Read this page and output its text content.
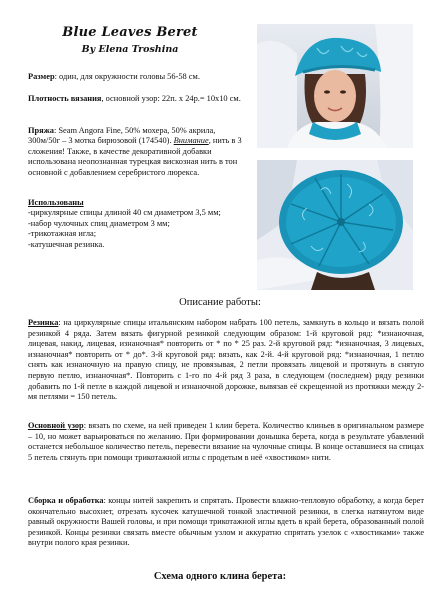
Blue Leaves Beret
By Elena Troshina
Размер: один, для окружности головы 56-58 см.
Плотность вязания, основной узор: 22п. х 24р.= 10х10 см.
Пряжа: Seam Angora Fine, 50% мохера, 50% акрила, 300м/50г – 3 мотка бирюзовой (174540). Внимание, нить в 3 сложения! Также, в качестве декоративной добавки использована неопознанная турецкая вискозная нить в тон основной с добавлением серебристого люрекса.
Использованы
-циркулярные спицы длиной 40 см диаметром 3,5 мм;
-набор чулочных спиц диаметром 3 мм;
-трикотажная игла;
-катушечная резинка.
Описание работы:
Резинка: на циркулярные спицы итальянским набором набрать 100 петель, замкнуть в кольцо и вязать полой резинкой 4 ряда. Затем вязать фигурной резинкой следующим образом: 1-й круговой ряд: *изнаночная, лицевая, накид, лицевая, изнаночная* повторить от * по * 25 раз. 2-й круговой ряд: *изнаночная, 3 лицевых, изнаночная* повторить от * до*. 3-й круговой ряд: вязать, как 2-й. 4-й круговой ряд: *изнаночная, 1 петлю снять как изнаночную на правую спицу, не провязывая, 2 петли провязать лицевой и протянуть в снятую первую петлю, изнаночная*. Повторить с 1-го по 4-й ряд 3 раза, в следующем (последнем) ряду резинки добавить по 1-й петле в каждой лицевой и изнаночной дорожке, вывязав её скрещенной из протяжки между 2-мя петлями = 150 петель.
Основной узор: вязать по схеме, на ней приведен 1 клин берета. Количество клиньев в оригинальном размере – 10, но может варьироваться по желанию. При формировании донышка берета, когда в результате убавлений останется небольшое количество петель, перевести вязание на чулочные спицы. В конце оставшиеся на спицах 5 петель стянуть при помощи трикотажной иглы с продетым в неё «хвостиком» нити.
Сборка и обработка: концы нитей закрепить и спрятать. Провести влажно-тепловую обработку, а когда берет окончательно высохнет, отрезать кусочек катушечной тонкой эластичной резинки, в слегка натянутом виде равный окружности Вашей головы, и при помощи трикотажной иглы вдеть в край берета, образованный полой резинкой. Концы резинки связать вместе обычным узлом и аккуратно спрятать узелок с «хвостиками» также внутри полого края резинки.
Схема одного клина берета:
